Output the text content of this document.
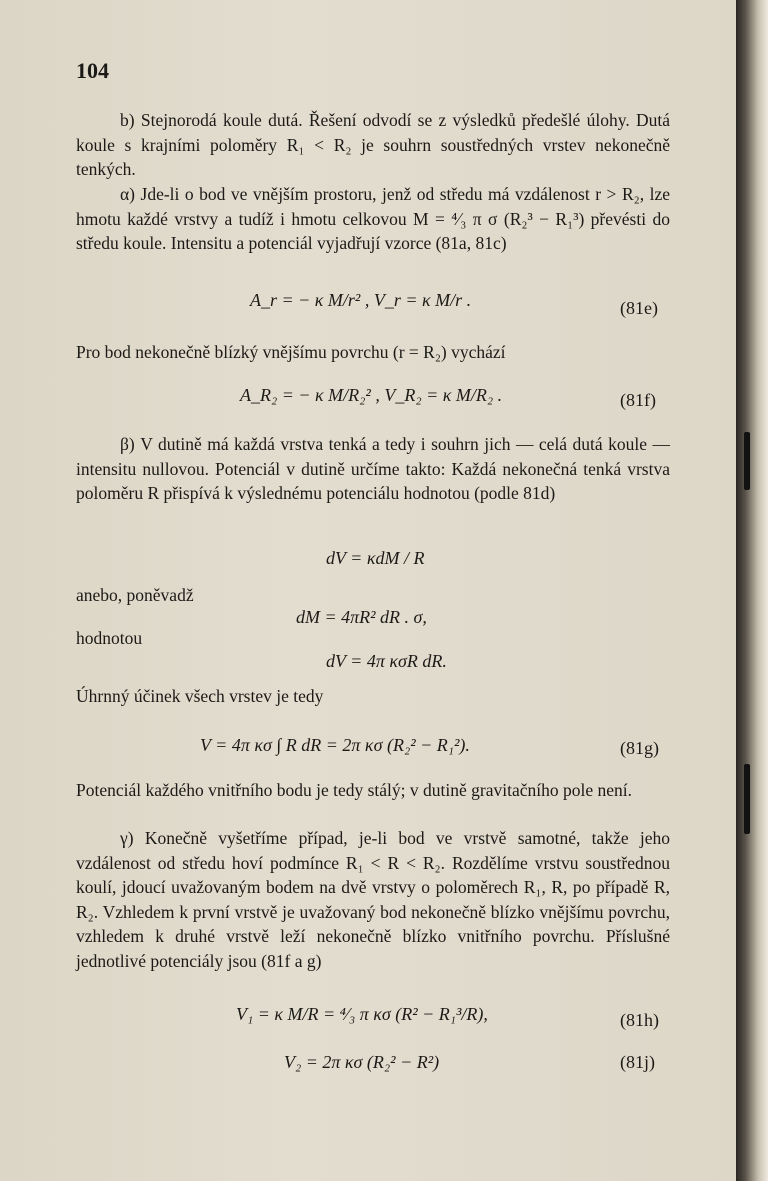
104

b) Stejnorodá koule dutá. Řešení odvodí se z výsledků předešlé úlohy. Dutá koule s krajními poloměry R₁ < R₂ je souhrn soustředných vrstev nekonečně tenkých.

α) Jde-li o bod ve vnějším prostoru, jenž od středu má vzdálenost r > R₂, lze hmotu každé vrstvy a tudíž i hmotu celkovou M = ⁴⁄₃ π σ (R₂³ − R₁³) převésti do středu koule. Intensitu a potenciál vyjadřují vzorce (81a, 81c)

A_r = − κ M/r² , V_r = κ M/r .	(81e)

Pro bod nekonečně blízký vnějšímu povrchu (r = R₂) vychází

A_R₂ = − κ M/R₂² , V_R₂ = κ M/R₂ .	(81f)

β) V dutině má každá vrstva tenká a tedy i souhrn jich — celá dutá koule — intensitu nullovou. Potenciál v dutině určíme takto: Každá nekonečná tenká vrstva poloměru R přispívá k výslednému potenciálu hodnotou (podle 81d)

dV = κdM / R
anebo, poněvadž
dM = 4πR² dR . σ,
hodnotou
dV = 4π κσR dR.
Úhrnný účinek všech vrstev je tedy
V = 4π κσ ∫ R dR = 2π κσ (R₂² − R₁²).	(81g)

Potenciál každého vnitřního bodu je tedy stálý; v dutině gravitačního pole není.

γ) Konečně vyšetříme případ, je-li bod ve vrstvě samotné, takže jeho vzdálenost od středu hoví podmínce R₁ < R < R₂. Rozdělíme vrstvu soustřednou koulí, jdoucí uvažovaným bodem na dvě vrstvy o poloměrech R₁, R, po případě R, R₂. Vzhledem k první vrstvě je uvažovaný bod nekonečně blízko vnějšímu povrchu, vzhledem k druhé vrstvě leží nekonečně blízko vnitřního povrchu. Příslušné jednotlivé potenciály jsou (81f a g)

V₁ = κ M/R = ⁴⁄₃ π κσ (R² − R₁³/R),	(81h)
V₂ = 2π κσ (R₂² − R²)	(81j)
